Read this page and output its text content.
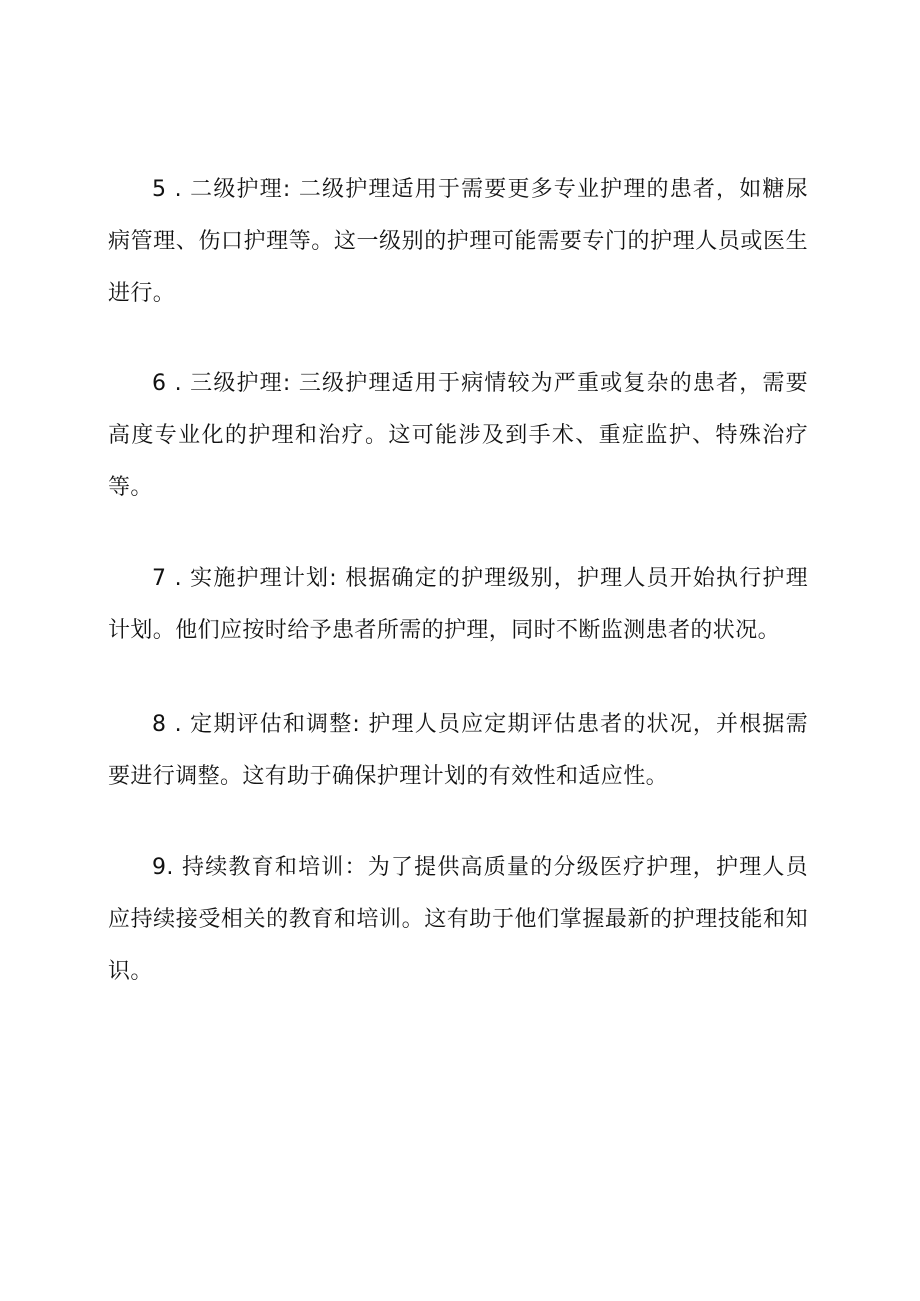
5 . 二级护理: 二级护理适用于需要更多专业护理的患者，如糖尿病管理、伤口护理等。这一级别的护理可能需要专门的护理人员或医生进行。

6 . 三级护理: 三级护理适用于病情较为严重或复杂的患者，需要高度专业化的护理和治疗。这可能涉及到手术、重症监护、特殊治疗等。

7 . 实施护理计划: 根据确定的护理级别，护理人员开始执行护理计划。他们应按时给予患者所需的护理，同时不断监测患者的状况。

8 . 定期评估和调整: 护理人员应定期评估患者的状况，并根据需要进行调整。这有助于确保护理计划的有效性和适应性。

9. 持续教育和培训：为了提供高质量的分级医疗护理，护理人员应持续接受相关的教育和培训。这有助于他们掌握最新的护理技能和知识。
